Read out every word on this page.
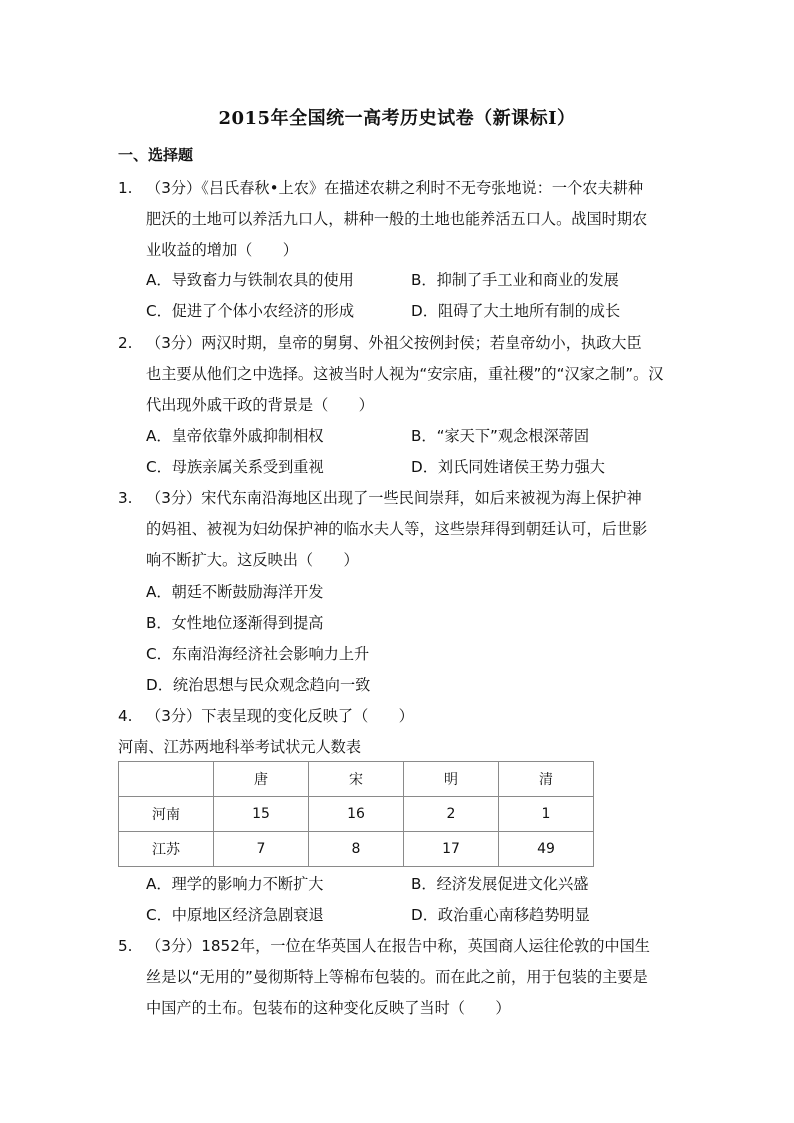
2015年全国统一高考历史试卷（新课标Ⅰ）
一、选择题
1. （3分）《吕氏春秋•上农》在描述农耕之利时不无夸张地说：一个农夫耕种
肥沃的土地可以养活九口人，耕种一般的土地也能养活五口人。战国时期农
业收益的增加（　　）
A．导致畜力与铁制农具的使用	B．抑制了手工业和商业的发展
C．促进了个体小农经济的形成	D．阻碍了大土地所有制的成长
2. （3分）两汉时期，皇帝的舅舅、外祖父按例封侯；若皇帝幼小，执政大臣
也主要从他们之中选择。这被当时人视为“安宗庙，重社稷”的“汉家之制”。汉
代出现外戚干政的背景是（　　）
A．皇帝依靠外戚抑制相权	B．“家天下”观念根深蒂固
C．母族亲属关系受到重视	D．刘氏同姓诸侯王势力强大
3. （3分）宋代东南沿海地区出现了一些民间崇拜，如后来被视为海上保护神
的妈祖、被视为妇幼保护神的临水夫人等，这些崇拜得到朝廷认可，后世影
响不断扩大。这反映出（　　）
A．朝廷不断鼓励海洋开发
B．女性地位逐渐得到提高
C．东南沿海经济社会影响力上升
D．统治思想与民众观念趋向一致
4. （3分）下表呈现的变化反映了（　　）
河南、江苏两地科举考试状元人数表
	唐	宋	明	清
河南	15	16	2	1
江苏	7	8	17	49
A．理学的影响力不断扩大	B．经济发展促进文化兴盛
C．中原地区经济急剧衰退	D．政治重心南移趋势明显
5. （3分）1852年，一位在华英国人在报告中称，英国商人运往伦敦的中国生
丝是以“无用的”曼彻斯特上等棉布包装的。而在此之前，用于包装的主要是
中国产的土布。包装布的这种变化反映了当时（　　）
